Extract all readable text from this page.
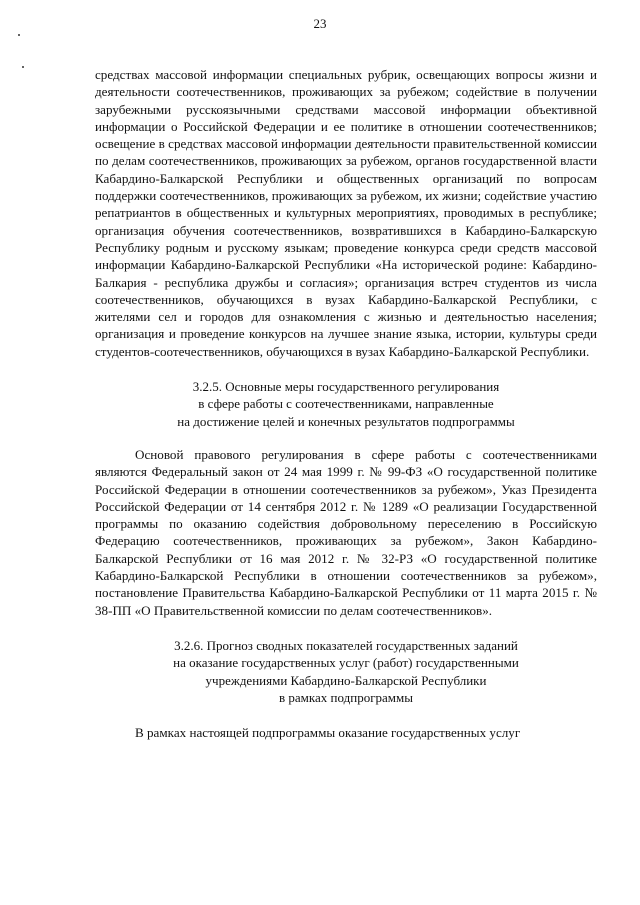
23

средствах массовой информации специальных рубрик, освещающих вопросы жизни и деятельности соотечественников, проживающих за рубежом; содействие в получении зарубежными русскоязычными средствами массовой информации объективной информации о Российской Федерации и ее политике в отношении соотечественников; освещение в средствах массовой информации деятельности правительственной комиссии по делам соотечественников, проживающих за рубежом, органов государственной власти Кабардино-Балкарской Республики и общественных организаций по вопросам поддержки соотечественников, проживающих за рубежом, их жизни; содействие участию репатриантов в общественных и культурных мероприятиях, проводимых в республике; организация обучения соотечественников, возвратившихся в Кабардино-Балкарскую Республику родным и русскому языкам; проведение конкурса среди средств массовой информации Кабардино-Балкарской Республики «На исторической родине: Кабардино-Балкария - республика дружбы и согласия»; организация встреч студентов из числа соотечественников, обучающихся в вузах Кабардино-Балкарской Республики, с жителями сел и городов для ознакомления с жизнью и деятельностью населения; организация и проведение конкурсов на лучшее знание языка, истории, культуры среди студентов-соотечественников, обучающихся в вузах Кабардино-Балкарской Республики.

3.2.5. Основные меры государственного регулирования
в сфере работы с соотечественниками, направленные
на достижение целей и конечных результатов подпрограммы

Основой правового регулирования в сфере работы с соотечественниками являются Федеральный закон от 24 мая 1999 г. № 99-ФЗ «О государственной политике Российской Федерации в отношении соотечественников за рубежом», Указ Президента Российской Федерации от 14 сентября 2012 г. № 1289 «О реализации Государственной программы по оказанию содействия добровольному переселению в Российскую Федерацию соотечественников, проживающих за рубежом», Закон Кабардино-Балкарской Республики от 16 мая 2012 г. № 32-РЗ «О государственной политике Кабардино-Балкарской Республики в отношении соотечественников за рубежом», постановление Правительства Кабардино-Балкарской Республики от 11 марта 2015 г. № 38-ПП «О Правительственной комиссии по делам соотечественников».

3.2.6. Прогноз сводных показателей государственных заданий
на оказание государственных услуг (работ) государственными
учреждениями Кабардино-Балкарской Республики
в рамках подпрограммы

В рамках настоящей подпрограммы оказание государственных услуг
